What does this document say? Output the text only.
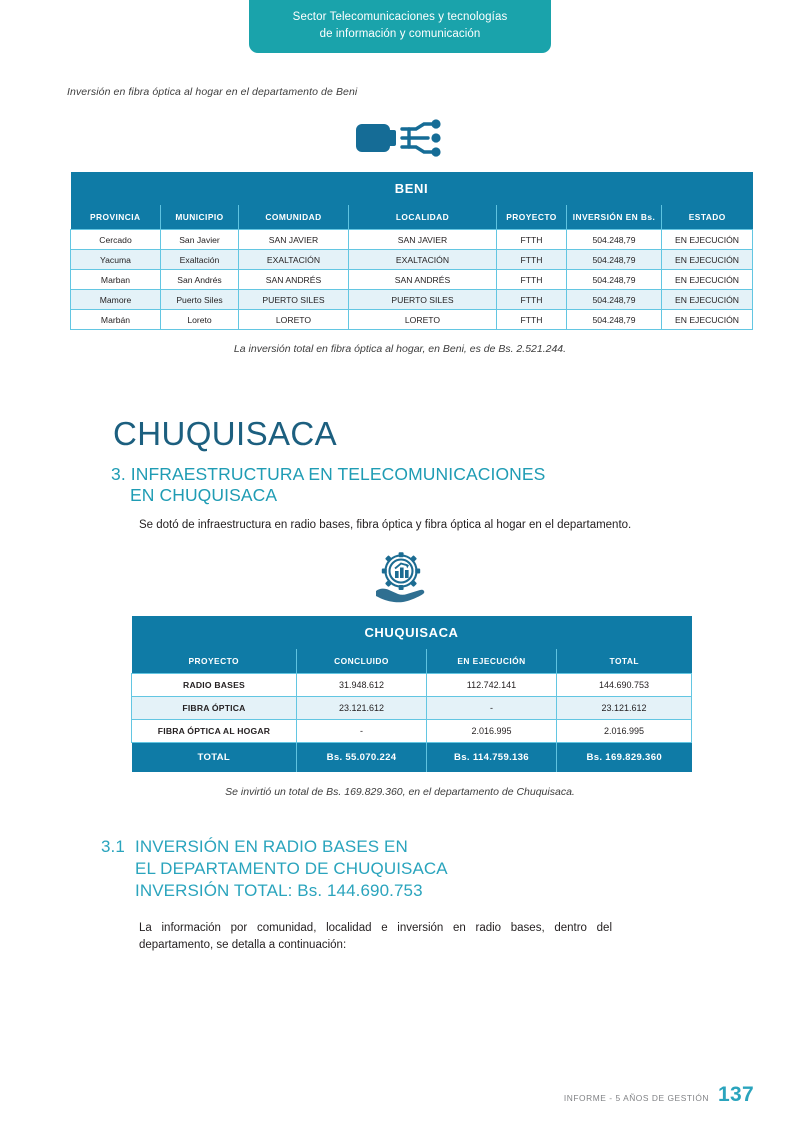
Sector Telecomunicaciones y tecnologías
de información y comunicación
Inversión en fibra óptica al hogar en el departamento de Beni
BENI						
PROVINCIA	MUNICIPIO	COMUNIDAD	LOCALIDAD	PROYECTO	INVERSIÓN EN Bs.	ESTADO
Cercado	San Javier	SAN JAVIER	SAN JAVIER	FTTH	504.248,79	EN EJECUCIÓN
Yacuma	Exaltación	EXALTACIÓN	EXALTACIÓN	FTTH	504.248,79	EN EJECUCIÓN
Marban	San Andrés	SAN ANDRÉS	SAN ANDRÉS	FTTH	504.248,79	EN EJECUCIÓN
Mamore	Puerto Siles	PUERTO SILES	PUERTO SILES	FTTH	504.248,79	EN EJECUCIÓN
Marbán	Loreto	LORETO	LORETO	FTTH	504.248,79	EN EJECUCIÓN
La inversión total en fibra óptica al hogar, en Beni, es de Bs. 2.521.244.
CHUQUISACA
3. INFRAESTRUCTURA EN TELECOMUNICACIONES
EN CHUQUISACA
Se dotó de infraestructura en radio bases, fibra óptica y fibra óptica al hogar en el departamento.
CHUQUISACA			
PROYECTO	CONCLUIDO	EN EJECUCIÓN	TOTAL
RADIO BASES	31.948.612	112.742.141	144.690.753
FIBRA ÓPTICA	23.121.612	-	23.121.612
FIBRA ÓPTICA AL HOGAR	-	2.016.995	2.016.995
TOTAL	Bs. 55.070.224	Bs. 114.759.136	Bs. 169.829.360
Se invirtió un total de Bs. 169.829.360, en el departamento de Chuquisaca.
3.1 INVERSIÓN EN RADIO BASES EN
EL DEPARTAMENTO DE CHUQUISACA
INVERSIÓN TOTAL: Bs. 144.690.753
La información por comunidad, localidad e inversión en radio bases, dentro del departamento, se detalla a continuación:
INFORME - 5 AÑOS DE GESTIÓN 137
